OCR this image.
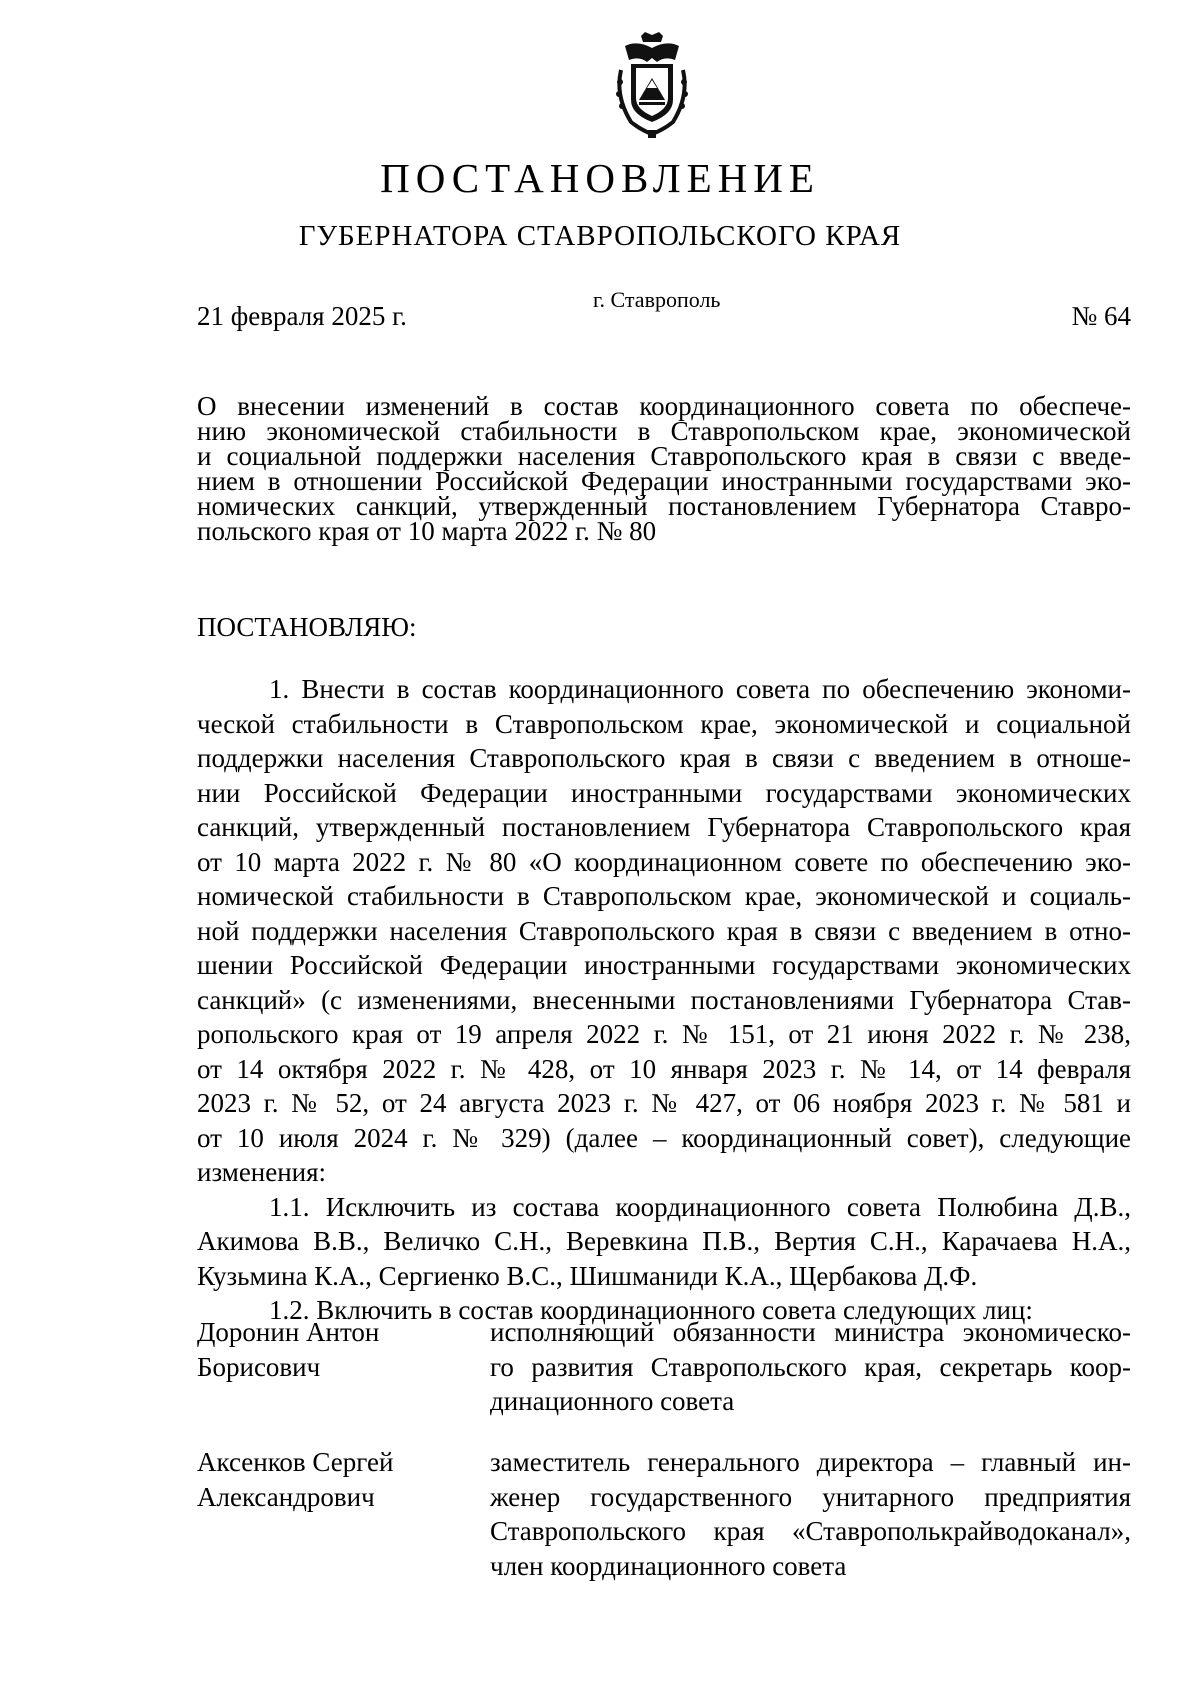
ПОСТАНОВЛЕНИЕ
ГУБЕРНАТОРА СТАВРОПОЛЬСКОГО КРАЯ
21 февраля 2025 г.
г. Ставрополь
№ 64
О внесении изменений в состав координационного совета по обеспече-
нию экономической стабильности в Ставропольском крае, экономической
и социальной поддержки населения Ставропольского края в связи с введе-
нием в отношении Российской Федерации иностранными государствами эко-
номических санкций, утвержденный постановлением Губернатора Ставро-
польского края от 10 марта 2022 г. № 80
ПОСТАНОВЛЯЮ:
1. Внести в состав координационного совета по обеспечению экономи-
ческой стабильности в Ставропольском крае, экономической и социальной
поддержки населения Ставропольского края в связи с введением в отноше-
нии Российской Федерации иностранными государствами экономических
санкций, утвержденный постановлением Губернатора Ставропольского края
от 10 марта 2022 г. № 80 «О координационном совете по обеспечению эко-
номической стабильности в Ставропольском крае, экономической и социаль-
ной поддержки населения Ставропольского края в связи с введением в отно-
шении Российской Федерации иностранными государствами экономических
санкций» (с изменениями, внесенными постановлениями Губернатора Став-
ропольского края от 19 апреля 2022 г. № 151, от 21 июня 2022 г. № 238,
от 14 октября 2022 г. № 428, от 10 января 2023 г. № 14, от 14 февраля
2023 г. № 52, от 24 августа 2023 г. № 427, от 06 ноября 2023 г. № 581 и
от 10 июля 2024 г. № 329) (далее – координационный совет), следующие
изменения:
1.1. Исключить из состава координационного совета Полюбина Д.В.,
Акимова В.В., Величко С.Н., Веревкина П.В., Вертия С.Н., Карачаева Н.А.,
Кузьмина К.А., Сергиенко В.С., Шишманиди К.А., Щербакова Д.Ф.
1.2. Включить в состав координационного совета следующих лиц:
Доронин Антон
Борисович
исполняющий обязанности министра экономическо-
го развития Ставропольского края, секретарь коор-
динационного совета
Аксенков Сергей
Александрович
заместитель генерального директора – главный ин-
женер государственного унитарного предприятия
Ставропольского края «Ставрополькрайводоканал»,
член координационного совета
